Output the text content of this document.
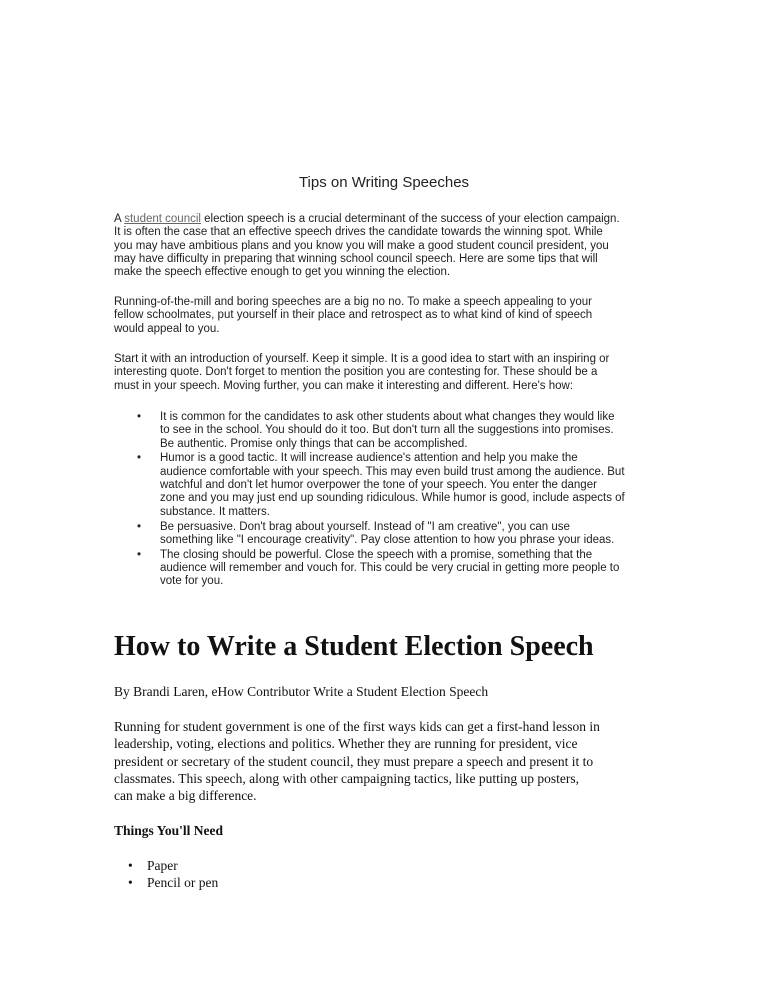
Tips on Writing Speeches
A student council election speech is a crucial determinant of the success of your election campaign.
It is often the case that an effective speech drives the candidate towards the winning spot. While
you may have ambitious plans and you know you will make a good student council president, you
may have difficulty in preparing that winning school council speech. Here are some tips that will
make the speech effective enough to get you winning the election.
Running-of-the-mill and boring speeches are a big no no. To make a speech appealing to your
fellow schoolmates, put yourself in their place and retrospect as to what kind of kind of speech
would appeal to you.
Start it with an introduction of yourself. Keep it simple. It is a good idea to start with an inspiring or
interesting quote. Don't forget to mention the position you are contesting for. These should be a
must in your speech. Moving further, you can make it interesting and different. Here's how:
• It is common for the candidates to ask other students about what changes they would like
to see in the school. You should do it too. But don't turn all the suggestions into promises.
Be authentic. Promise only things that can be accomplished.
• Humor is a good tactic. It will increase audience's attention and help you make the
audience comfortable with your speech. This may even build trust among the audience. But
watchful and don't let humor overpower the tone of your speech. You enter the danger
zone and you may just end up sounding ridiculous. While humor is good, include aspects of
substance. It matters.
• Be persuasive. Don't brag about yourself. Instead of "I am creative", you can use
something like "I encourage creativity". Pay close attention to how you phrase your ideas.
• The closing should be powerful. Close the speech with a promise, something that the
audience will remember and vouch for. This could be very crucial in getting more people to
vote for you.
How to Write a Student Election Speech
By Brandi Laren, eHow Contributor Write a Student Election Speech
Running for student government is one of the first ways kids can get a first-hand lesson in
leadership, voting, elections and politics. Whether they are running for president, vice
president or secretary of the student council, they must prepare a speech and present it to
classmates. This speech, along with other campaigning tactics, like putting up posters,
can make a big difference.
Things You'll Need
• Paper
• Pencil or pen
